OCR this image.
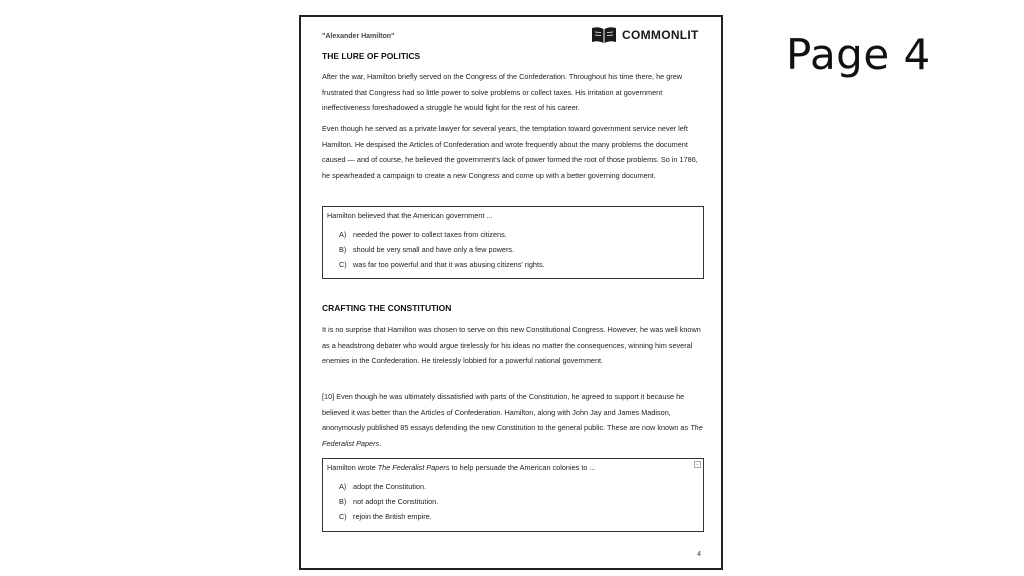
Page 4
"Alexander Hamilton"	COMMONLIT
THE LURE OF POLITICS

After the war, Hamilton briefly served on the Congress of the Confederation. Throughout his time there, he grew frustrated that Congress had so little power to solve problems or collect taxes. His irritation at government ineffectiveness foreshadowed a struggle he would fight for the rest of his career.

Even though he served as a private lawyer for several years, the temptation toward government service never left Hamilton. He despised the Articles of Confederation and wrote frequently about the many problems the document caused — and of course, he believed the government's lack of power formed the root of those problems. So in 1786, he spearheaded a campaign to create a new Congress and come up with a better governing document.

Hamilton believed that the American government ...
A) needed the power to collect taxes from citizens.
B) should be very small and have only a few powers.
C) was far too powerful and that it was abusing citizens' rights.
CRAFTING THE CONSTITUTION

It is no surprise that Hamilton was chosen to serve on this new Constitutional Congress. However, he was well known as a headstrong debater who would argue tirelessly for his ideas no matter the consequences, winning him several enemies in the Confederation. He tirelessly lobbied for a powerful national government.

[10] Even though he was ultimately dissatisfied with parts of the Constitution, he agreed to support it because he believed it was better than the Articles of Confederation. Hamilton, along with John Jay and James Madison, anonymously published 85 essays defending the new Constitution to the general public. These are now known as The Federalist Papers.

⌄
Hamilton wrote The Federalist Papers to help persuade the American colonies to ...
A) adopt the Constitution.
B) not adopt the Constitution.
C) rejoin the British empire.
4
